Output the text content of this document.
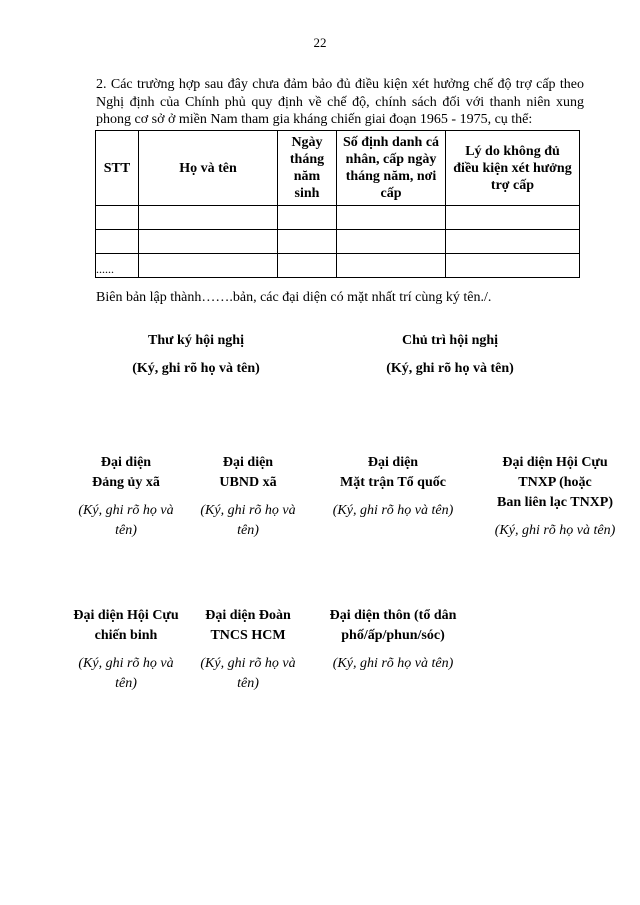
22
2. Các trường hợp sau đây chưa đảm bảo đủ điều kiện xét hưởng chế độ trợ cấp theo Nghị định của Chính phủ quy định về chế độ, chính sách đối với thanh niên xung phong cơ sở ở miền Nam tham gia kháng chiến giai đoạn 1965 - 1975, cụ thể:
STT	Họ và tên	Ngày tháng năm sinh	Số định danh cá nhân, cấp ngày tháng năm, nơi cấp	Lý do không đủ điều kiện xét hưởng trợ cấp

......				
Biên bản lập thành…….bản, các đại diện có mặt nhất trí cùng ký tên./.
Thư ký hội nghị
(Ký, ghi rõ họ và tên)
Chủ trì hội nghị
(Ký, ghi rõ họ và tên)
Đại diện
Đảng ủy xã
(Ký, ghi rõ họ và
tên)
Đại diện
UBND xã
(Ký, ghi rõ họ và
tên)
Đại diện
Mặt trận Tổ quốc
(Ký, ghi rõ họ và tên)
Đại diện Hội Cựu
TNXP (hoặc
Ban liên lạc TNXP)
(Ký, ghi rõ họ và tên)
Đại diện Hội Cựu
chiến binh
(Ký, ghi rõ họ và
tên)
Đại diện Đoàn
TNCS HCM
(Ký, ghi rõ họ và
tên)
Đại diện thôn (tổ dân
phố/ấp/phun/sóc)
(Ký, ghi rõ họ và tên)
